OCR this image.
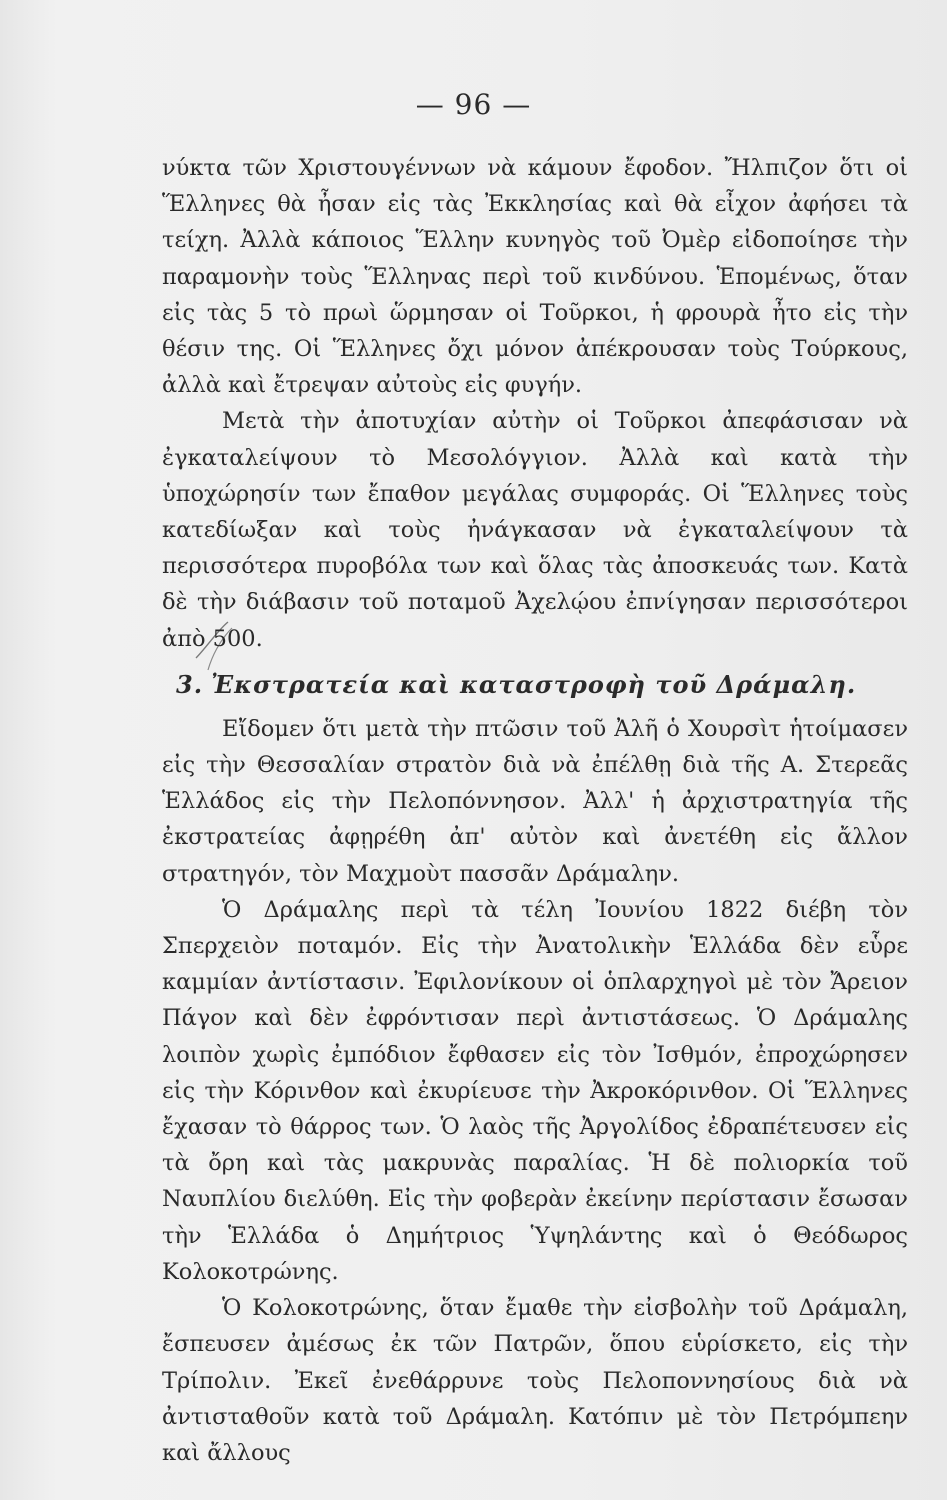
— 96 —

νύκτα τῶν Χριστουγέννων νὰ κάμουν ἔφοδον. Ἤλπιζον ὅτι οἱ Ἕλληνες θὰ ἦσαν εἰς τὰς Ἐκκλησίας καὶ θὰ εἶχον ἀφήσει τὰ τείχη. Ἀλλὰ κάποιος Ἕλλην κυνηγὸς τοῦ Ὀμὲρ εἰδοποίησε τὴν παραμονὴν τοὺς Ἕλληνας περὶ τοῦ κινδύνου. Ἑπομένως, ὅταν εἰς τὰς 5 τὸ πρωὶ ὥρμησαν οἱ Τοῦρκοι, ἡ φρουρὰ ἦτο εἰς τὴν θέσιν της. Οἱ Ἕλληνες ὄχι μόνον ἀπέκρουσαν τοὺς Τούρκους, ἀλλὰ καὶ ἔτρεψαν αὐτοὺς εἰς φυγήν.

Μετὰ τὴν ἀποτυχίαν αὐτὴν οἱ Τοῦρκοι ἀπεφάσισαν νὰ ἐγκαταλείψουν τὸ Μεσολόγγιον. Ἀλλὰ καὶ κατὰ τὴν ὑποχώρησίν των ἔπαθον μεγάλας συμφοράς. Οἱ Ἕλληνες τοὺς κατεδίωξαν καὶ τοὺς ἠνάγκασαν νὰ ἐγκαταλείψουν τὰ περισσότερα πυροβόλα των καὶ ὅλας τὰς ἀποσκευάς των. Κατὰ δὲ τὴν διάβασιν τοῦ ποταμοῦ Ἀχελῴου ἐπνίγησαν περισσότεροι ἀπὸ 500.

3. Ἐκστρατεία καὶ καταστροφὴ τοῦ Δράμαλη.

Εἴδομεν ὅτι μετὰ τὴν πτῶσιν τοῦ Ἀλῆ ὁ Χουρσὶτ ἡτοίμασεν εἰς τὴν Θεσσαλίαν στρατὸν διὰ νὰ ἐπέλθῃ διὰ τῆς Α. Στερεᾶς Ἑλλάδος εἰς τὴν Πελοπόννησον. Ἀλλ' ἡ ἀρχιστρατηγία τῆς ἐκστρατείας ἀφῃρέθη ἀπ' αὐτὸν καὶ ἀνετέθη εἰς ἄλλον στρατηγόν, τὸν Μαχμοὺτ πασσᾶν Δράμαλην.

Ὁ Δράμαλης περὶ τὰ τέλη Ἰουνίου 1822 διέβη τὸν Σπερχειὸν ποταμόν. Εἰς τὴν Ἀνατολικὴν Ἑλλάδα δὲν εὗρε καμμίαν ἀντίστασιν. Ἐφιλονίκουν οἱ ὁπλαρχηγοὶ μὲ τὸν Ἄρειον Πάγον καὶ δὲν ἐφρόντισαν περὶ ἀντιστάσεως. Ὁ Δράμαλης λοιπὸν χωρὶς ἐμπόδιον ἔφθασεν εἰς τὸν Ἰσθμόν, ἐπροχώρησεν εἰς τὴν Κόρινθον καὶ ἐκυρίευσε τὴν Ἀκροκόρινθον. Οἱ Ἕλληνες ἔχασαν τὸ θάρρος των. Ὁ λαὸς τῆς Ἀργολίδος ἐδραπέτευσεν εἰς τὰ ὄρη καὶ τὰς μακρυνὰς παραλίας. Ἡ δὲ πολιορκία τοῦ Ναυπλίου διελύθη. Εἰς τὴν φοβερὰν ἐκείνην περίστασιν ἔσωσαν τὴν Ἑλλάδα ὁ Δημήτριος Ὑψηλάντης καὶ ὁ Θεόδωρος Κολοκοτρώνης.

Ὁ Κολοκοτρώνης, ὅταν ἔμαθε τὴν εἰσβολὴν τοῦ Δράμαλη, ἔσπευσεν ἀμέσως ἐκ τῶν Πατρῶν, ὅπου εὑρίσκετο, εἰς τὴν Τρίπολιν. Ἐκεῖ ἐνεθάρρυνε τοὺς Πελοποννησίους διὰ νὰ ἀντισταθοῦν κατὰ τοῦ Δράμαλη. Κατόπιν μὲ τὸν Πετρόμπεην καὶ ἄλλους
